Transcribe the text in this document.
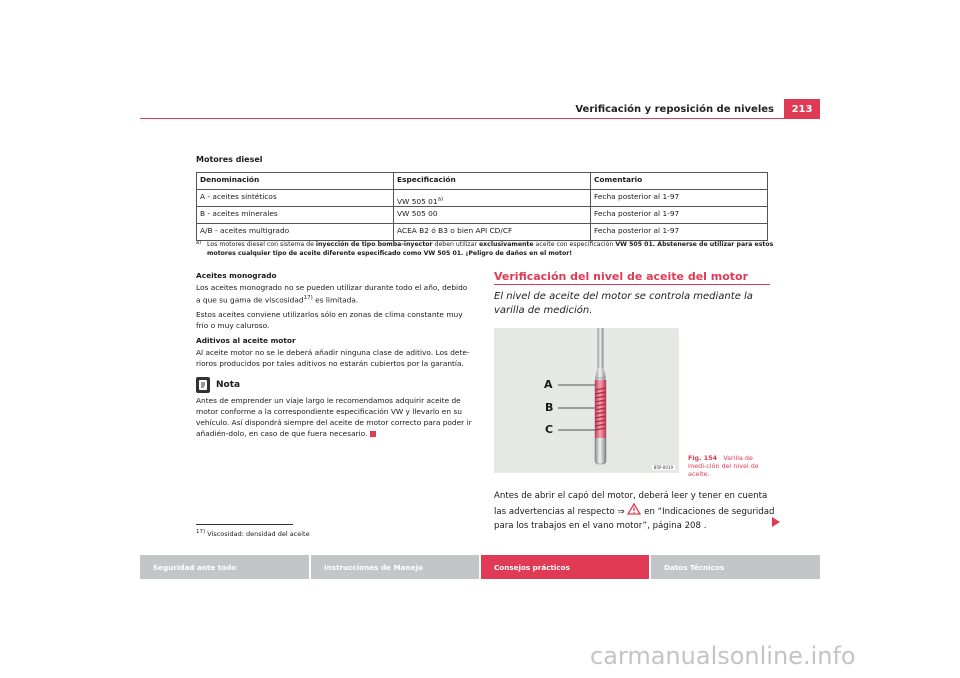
Verificación y reposición de niveles	213
Motores diesel
Denominación	Especificación	Comentario
A - aceites sintéticos	VW 505 01$^{a)}$	Fecha posterior al 1-97
B - aceites minerales	VW 505 00	Fecha posterior al 1-97
A/B - aceites multigrado	ACEA B2 ó B3 o bien API CD/CF	Fecha posterior al 1-97
a) Los motores diesel con sistema de inyección de tipo bomba-inyector deben utilizar exclusivamente aceite con especificación VW 505 01. Abstenerse de utilizar para estos motores cualquier tipo de aceite diferente especificado como VW 505 01. ¡Peligro de daños en el motor!

Aceites monogrado

Los aceites monogrado no se pueden utilizar durante todo el año, debido a que su gama de viscosidad$^{17)}$ es limitada.

Estos aceites conviene utilizarlos sólo en zonas de clima constante muy frío o muy caluroso.

Aditivos al aceite motor

Al aceite motor no se le deberá añadir ninguna clase de aditivo. Los dete-rioros producidos por tales aditivos no estarán cubiertos por la garantía.

Nota

Antes de emprender un viaje largo le recomendamos adquirir aceite de motor conforme a la correspondiente especificación VW y llevarlo en su vehículo. Así dispondrá siempre del aceite de motor correcto para poder ir añadién-dolo, en caso de que fuera necesario.

$^{17)}$ Viscosidad: densidad del aceite
Verificación del nivel de aceite del motor
El nivel de aceite del motor se controla mediante la varilla de medición.
A
B
C
B5P-0019
Fig. 154 Varilla de medi-ción del nivel de aceite.
Antes de abrir el capó del motor, deberá leer y tener en cuenta las advertencias al respecto ⇒  en “Indicaciones de seguridad para los trabajos en el vano motor”, página 208 .
Seguridad ante todo	Instrucciones de Manejo	Consejos prácticos	Datos Técnicos
carmanualsonline.info
